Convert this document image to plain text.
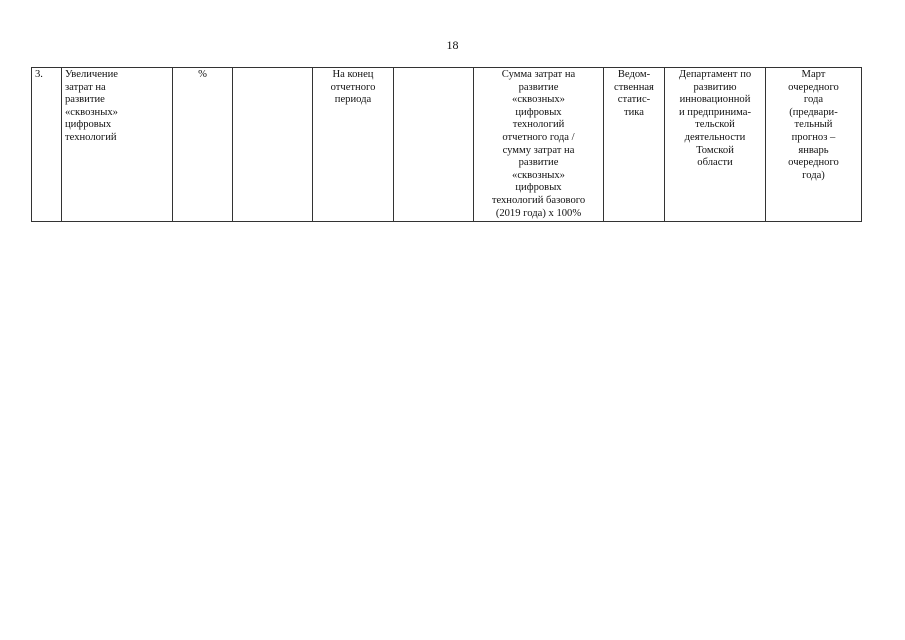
18
3.	Увеличение
затрат на
развитие
«сквозных»
цифровых
технологий	%		На конец
отчетного
периода		Сумма затрат на
развитие
«сквозных»
цифровых
технологий
отчетного года /
сумму затрат на
развитие
«сквозных»
цифровых
технологий базового
(2019 года) х 100%	Ведом-
ственная
статис-
тика	Департамент по
развитию
инновационной
и предпринима-
тельской
деятельности
Томской
области	Март
очередного
года
(предвари-
тельный
прогноз –
январь
очередного
года)
